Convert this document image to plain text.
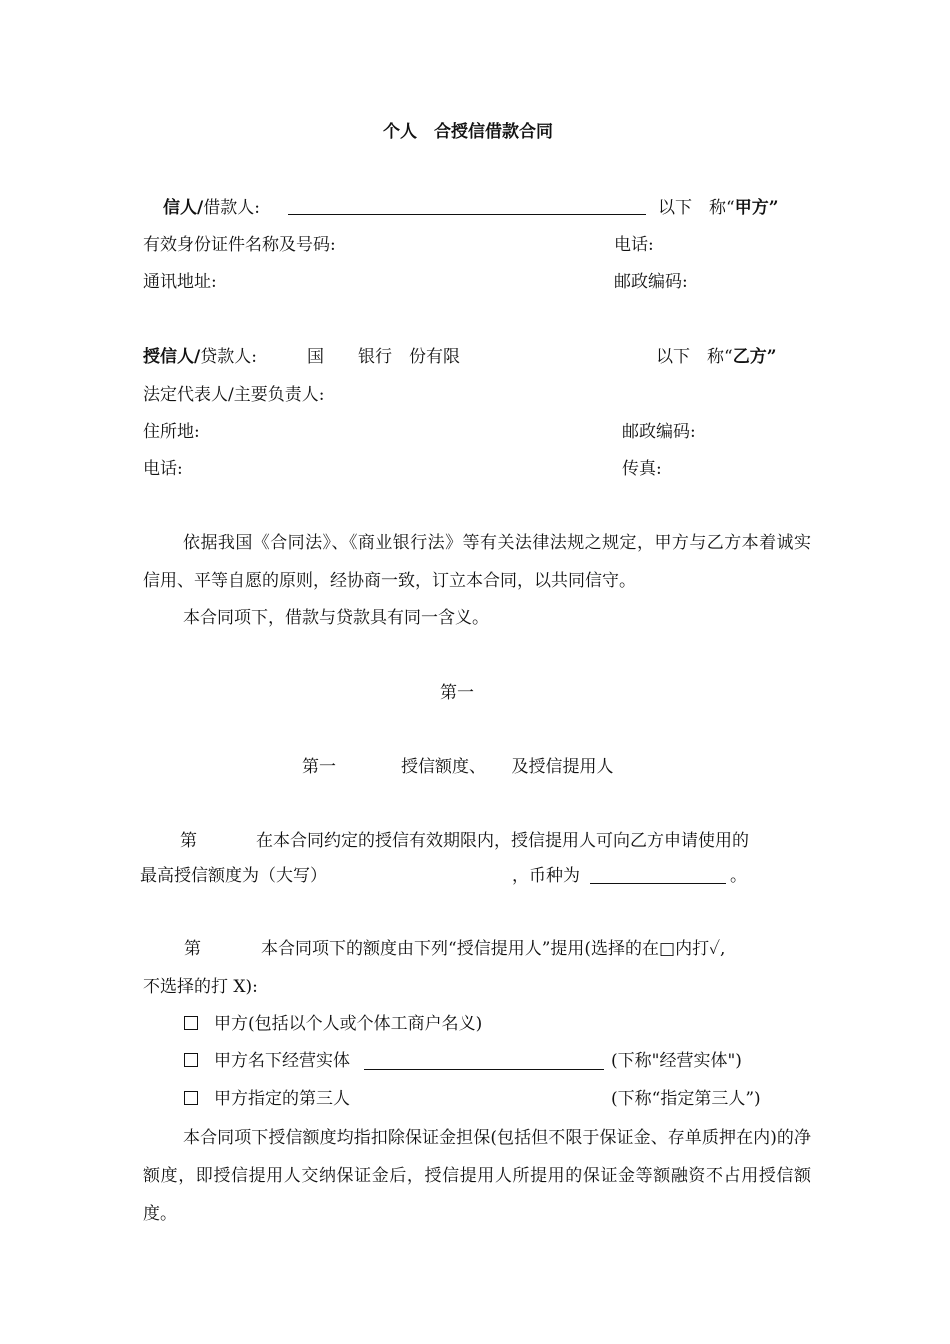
个人　合授信借款合同
信人/借款人:	以下　称“甲方”
有效身份证件名称及号码:	电话:
通讯地址:	邮政编码:
授信人/贷款人:	国　　银行　份有限	以下　称“乙方”
法定代表人/主要负责人:
住所地:	邮政编码:
电话:	传真:
依据我国《合同法》、《商业银行法》等有关法律法规之规定，甲方与乙方本着诚实信用、平等自愿的原则，经协商一致，订立本合同，以共同信守。
本合同项下，借款与贷款具有同一含义。
第一
第一	授信额度、　　及授信提用人
第	在本合同约定的授信有效期限内，授信提用人可向乙方申请使用的
最高授信额度为（大写）	，币种为	。
第	本合同项下的额度由下列“授信提用人”提用(选择的在□内打✓,
不选择的打 X):
甲方(包括以个人或个体工商户名义)
甲方名下经营实体	(下称"经营实体")
甲方指定的第三人	(下称“指定第三人”)
本合同项下授信额度均指扣除保证金担保(包括但不限于保证金、存单质押在内)的净额度，即授信提用人交纳保证金后，授信提用人所提用的保证金等额融资不占用授信额度。
